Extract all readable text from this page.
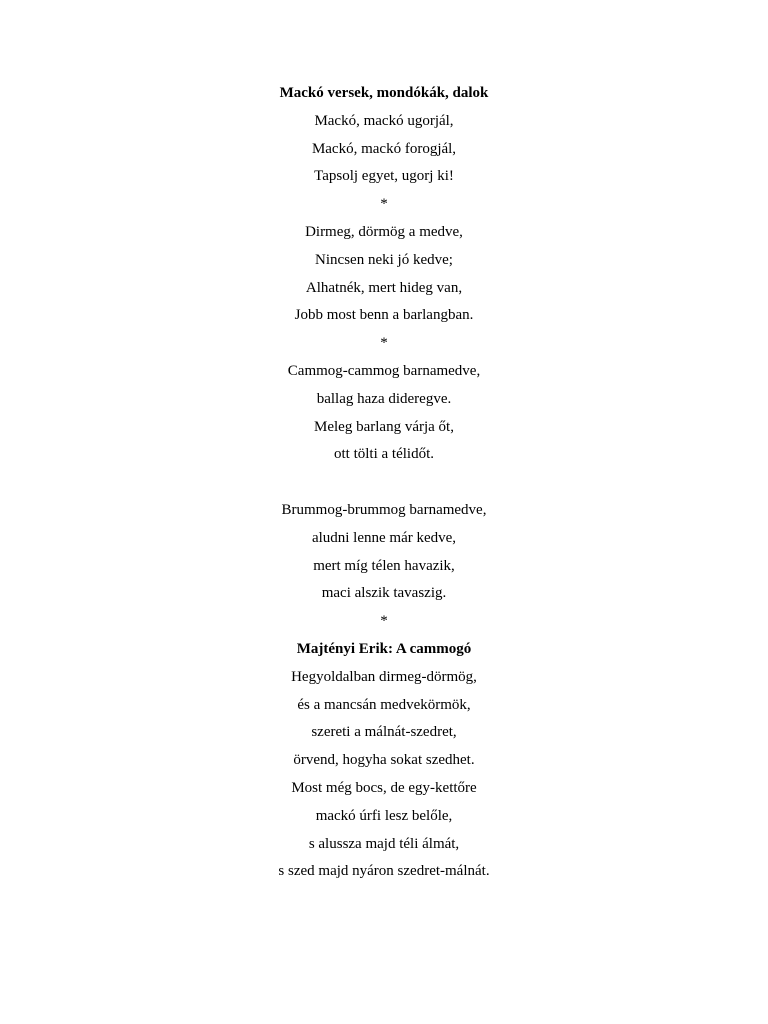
Mackó versek, mondókák, dalok
Mackó, mackó ugorjál,
Mackó, mackó forogjál,
Tapsolj egyet, ugorj ki!
*
Dirmeg, dörmög a medve,
Nincsen neki jó kedve;
Alhatnék, mert hideg van,
Jobb most benn a barlangban.
*
Cammog-cammog barnamedve,
ballag haza dideregve.
Meleg barlang várja őt,
ott tölti a télidőt.
Brummog-brummog barnamedve,
aludni lenne már kedve,
mert míg télen havazik,
maci alszik tavaszig.
*
Majtényi Erik: A cammogó
Hegyoldalban dirmeg-dörmög,
és a mancsán medvekörmök,
szereti a málnát-szedret,
örvend, hogyha sokat szedhet.
Most még bocs, de egy-kettőre
mackó úrfi lesz belőle,
s alussza majd téli álmát,
s szed majd nyáron szedret-málnát.
